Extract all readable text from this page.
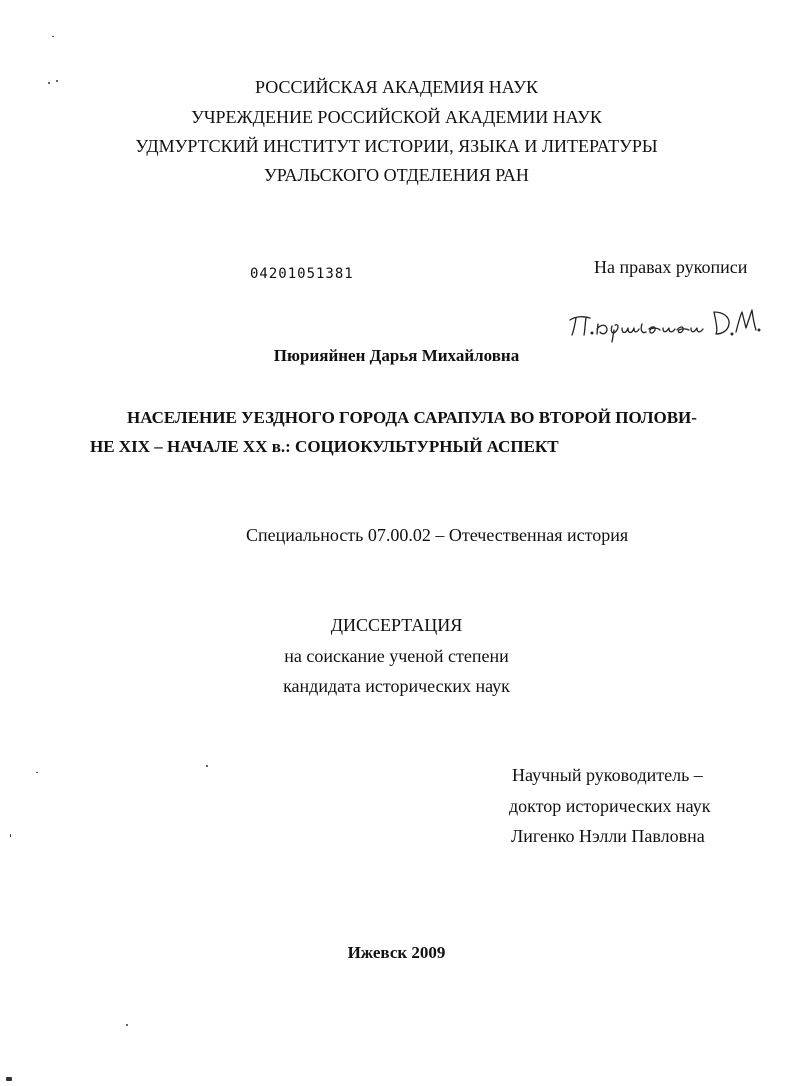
РОССИЙСКАЯ АКАДЕМИЯ НАУК
УЧРЕЖДЕНИЕ РОССИЙСКОЙ АКАДЕМИИ НАУК
УДМУРТСКИЙ ИНСТИТУТ ИСТОРИИ, ЯЗЫКА И ЛИТЕРАТУРЫ
УРАЛЬСКОГО ОТДЕЛЕНИЯ РАН
04201051381	На правах рукописи
Пюрияйнен Дарья Михайловна
НАСЕЛЕНИЕ УЕЗДНОГО ГОРОДА САРАПУЛА ВО ВТОРОЙ ПОЛОВИ-
НЕ XIX – НАЧАЛЕ XX в.: СОЦИОКУЛЬТУРНЫЙ АСПЕКТ
Специальность 07.00.02 – Отечественная история
ДИССЕРТАЦИЯ
на соискание ученой степени
кандидата исторических наук
Научный руководитель –
доктор исторических наук
Лигенко Нэлли Павловна
Ижевск 2009
